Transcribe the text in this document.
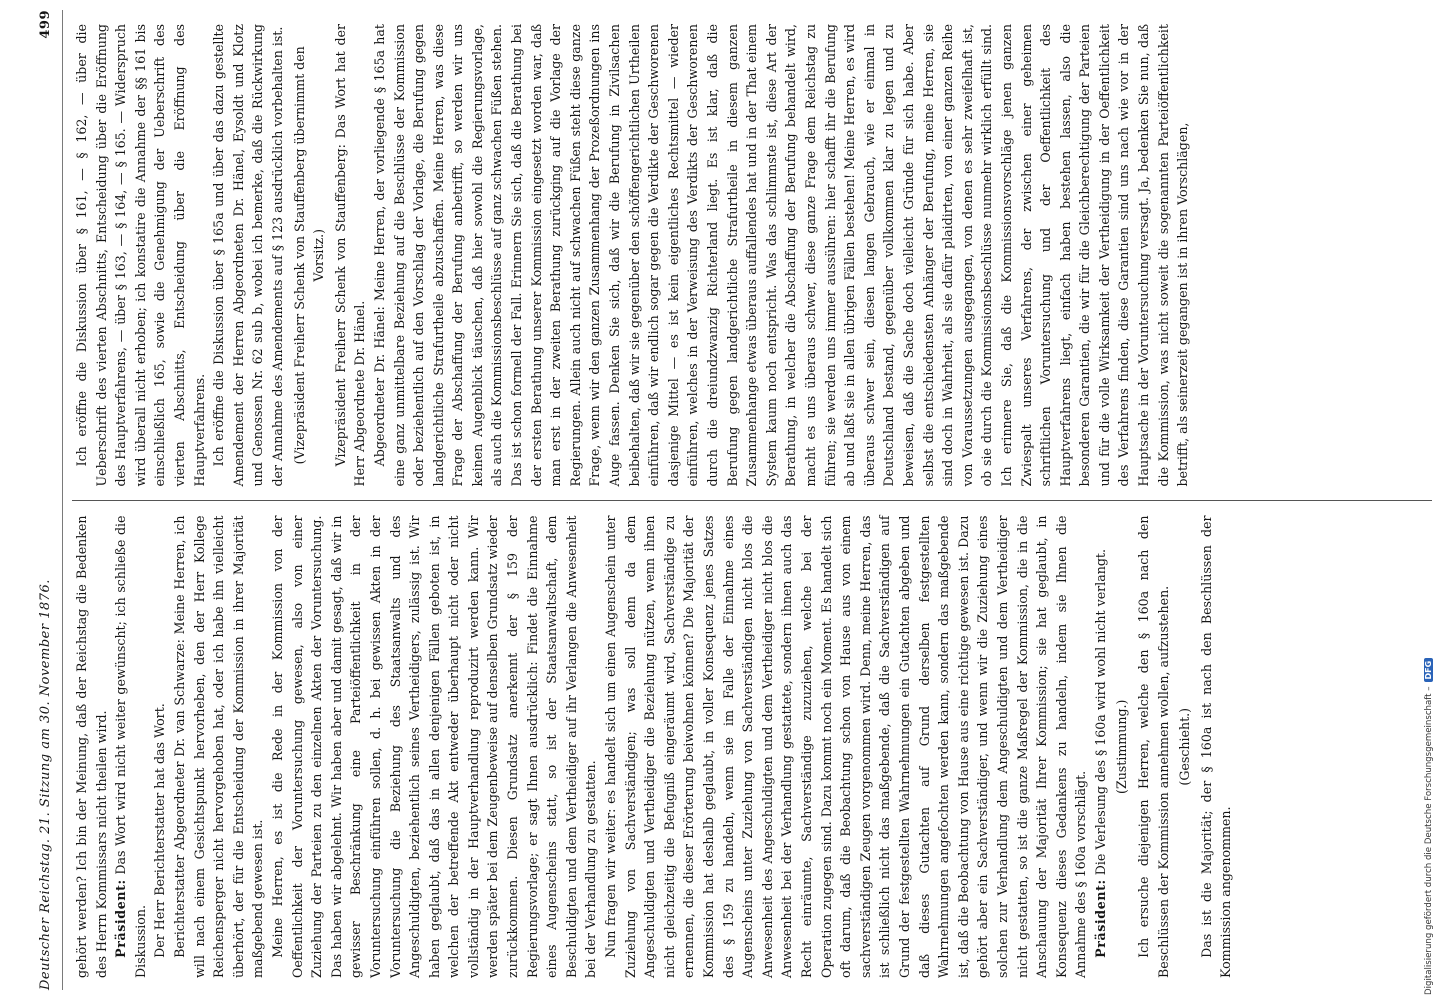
Deutscher Reichstag. 21. Sitzung am 30. November 1876.
499

gehört werden? Ich bin der Meinung, daß der Reichstag die Bedenken des Herrn Kommissars nicht theilen wird. Präsident: Das Wort wird nicht weiter gewünscht; ich schließe die Diskussion. Der Herr Berichterstatter hat das Wort. Berichterstatter Abgeordneter Dr. van Schwarze: Meine Herren, ich will nach einem Gesichtspunkt hervorheben, den der Herr Kollege Reichensperger nicht hervorgehoben hat, oder ich habe ihn vielleicht überhört, der für die Entscheidung der Kommission in ihrer Majorität maßgebend gewesen ist. Meine Herren, es ist die Rede in der Kommission von der Oeffentlichkeit der Voruntersuchung gewesen, also von einer Zuziehung der Parteien zu den einzelnen Akten der Voruntersuchung. Das haben wir abgelehnt. Wir haben aber und damit gesagt, daß wir in gewisser Beschränkung eine Parteiöffentlichkeit in der Voruntersuchung einführen sollen, d. h. bei gewissen Akten in der Voruntersuchung die Beziehung des Staatsanwalts und des Angeschuldigten, beziehentlich seines Vertheidigers, zulässig ist. Wir haben geglaubt, daß das in allen denjenigen Fällen geboten ist, in welchen der betreffende Akt entweder überhaupt nicht oder nicht vollständig in der Hauptverhandlung reproduzirt werden kann. Wir werden später bei dem Zeugenbeweise auf denselben Grundsatz wieder zurückkommen. Diesen Grundsatz anerkennt der § 159 der Regierungsvorlage; er sagt Ihnen ausdrücklich: Findet die Einnahme eines Augenscheins statt, so ist der Staatsanwaltschaft, dem Beschuldigten und dem Vertheidiger auf ihr Verlangen die Anwesenheit bei der Verhandlung zu gestatten. Nun fragen wir weiter: es handelt sich um einen Augenschein unter Zuziehung von Sachverständigen; was soll denn da dem Angeschuldigten und Vertheidiger die Beziehung nützen, wenn ihnen nicht gleichzeitig die Befugniß eingeräumt wird, Sachverständige zu ernennen, die dieser Erörterung beiwohnen können? Die Majorität der Kommission hat deshalb geglaubt, in voller Konsequenz jenes Satzes des § 159 zu handeln, wenn sie im Falle der Einnahme eines Augenscheins unter Zuziehung von Sachverständigen nicht blos die Anwesenheit des Angeschuldigten und dem Vertheidiger nicht blos die Anwesenheit bei der Verhandlung gestattete, sondern ihnen auch das Recht einräumte, Sachverständige zuzuziehen, welche bei der Operation zugegen sind. Dazu kommt noch ein Moment. Es handelt sich oft darum, daß die Beobachtung schon von Hause aus von einem sachverständigen Zeugen vorgenommen wird. Denn, meine Herren, das ist schließlich nicht das maßgebende, daß die Sachverständigen auf Grund der festgestellten Wahrnehmungen ein Gutachten abgeben und daß dieses Gutachten auf Grund derselben festgestellten Wahrnehmungen angefochten werden kann, sondern das maßgebende ist, daß die Beobachtung von Hause aus eine richtige gewesen ist. Dazu gehört aber ein Sachverständiger, und wenn wir die Zuziehung eines solchen zur Verhandlung dem Angeschuldigten und dem Vertheidiger nicht gestatten, so ist die ganze Maßregel der Kommission, die in die Anschauung der Majorität Ihrer Kommission; sie hat geglaubt, in Konsequenz dieses Gedankens zu handeln, indem sie Ihnen die Annahme des § 160a vorschlägt. Präsident: Die Verlesung des § 160a wird wohl nicht verlangt. (Zustimmung.) Ich ersuche diejenigen Herren, welche den § 160a nach den Beschlüssen der Kommission annehmen wollen, aufzustehen. (Geschieht.) Das ist die Majorität; der § 160a ist nach den Beschlüssen der Kommission angenommen.

Ich eröffne die Diskussion über § 161, — § 162, — über die Ueberschrift des vierten Abschnitts, Entscheidung über die Eröffnung des Hauptverfahrens, — über § 163, — § 164, — § 165. — Widerspruch wird überall nicht erhoben; ich konstatire die Annahme der §§ 161 bis einschließlich 165, sowie die Genehmigung der Ueberschrift des vierten Abschnitts, Entscheidung über die Eröffnung des Hauptverfahrens. Ich eröffne die Diskussion über § 165a und über das dazu gestellte Amendement der Herren Abgeordneten Dr. Hänel, Eysoldt und Klotz und Genossen Nr. 62 sub b, wobei ich bemerke, daß die Rückwirkung der Annahme des Amendements auf § 123 ausdrücklich vorbehalten ist. (Vizepräsident Freiherr Schenk von Stauffenberg übernimmt den Vorsitz.) Vizepräsident Freiherr Schenk von Stauffenberg: Das Wort hat der Herr Abgeordnete Dr. Hänel. Abgeordneter Dr. Hänel: Meine Herren, der vorliegende § 165a hat eine ganz unmittelbare Beziehung auf die Beschlüsse der Kommission oder beziehentlich auf den Vorschlag der Vorlage, die Berufung gegen landgerichtliche Strafurtheile abzuschaffen. Meine Herren, was diese Frage der Abschaffung der Berufung anbetrifft, so werden wir uns keinen Augenblick täuschen, daß hier sowohl die Regierungsvorlage, als auch die Kommissionsbeschlüsse auf ganz schwachen Füßen stehen. Das ist schon formell der Fall. Erinnern Sie sich, daß die Berathung bei der ersten Berathung unserer Kommission eingesetzt worden war, daß man erst in der zweiten Berathung zurückging auf die Vorlage der Regierungen. Allein auch nicht auf schwachen Füßen steht diese ganze Frage, wenn wir den ganzen Zusammenhang der Prozeßordnungen ins Auge fassen. Denken Sie sich, daß wir die Berufung in Zivilsachen beibehalten, daß wir sie gegenüber den schöffengerichtlichen Urtheilen einführen, daß wir endlich sogar gegen die Verdikte der Geschworenen dasjenige Mittel — es ist kein eigentliches Rechtsmittel — wieder einführen, welches in der Verweisung des Verdikts der Geschworenen durch die dreiundzwanzig Richterland liegt. Es ist klar, daß die Berufung gegen landgerichtliche Strafurtheile in diesem ganzen Zusammenhange etwas überaus auffallendes hat und in der That einem System kaum noch entspricht. Was das schlimmste ist, diese Art der Berathung, in welcher die Abschaffung der Berufung behandelt wird, macht es uns überaus schwer, diese ganze Frage dem Reichstag zu führen; sie werden uns immer aussühren: hier schafft ihr die Berufung ab und laßt sie in allen übrigen Fällen bestehen! Meine Herren, es wird überaus schwer sein, diesen langen Gebrauch, wie er einmal in Deutschland bestand, gegenüber vollkommen klar zu legen und zu beweisen, daß die Sache doch vielleicht Gründe für sich habe. Aber selbst die entschiedensten Anhänger der Berufung, meine Herren, sie sind doch in Wahrheit, als sie dafür plaidirten, von einer ganzen Reihe von Voraussetzungen ausgegangen, von denen es sehr zweifelhaft ist, ob sie durch die Kommissionsbeschlüsse nunmehr wirklich erfüllt sind. Ich erinnere Sie, daß die Kommissionsvorschläge jenen ganzen Zwiespalt unseres Verfahrens, der zwischen einer geheimen schriftlichen Voruntersuchung und der Oeffentlichkeit des Hauptverfahrens liegt, einfach haben bestehen lassen, also die besonderen Garantien, die wir für die Gleichberechtigung der Parteien und für die volle Wirksamkeit der Vertheidigung in der Oeffentlichkeit des Verfahrens finden, diese Garantien sind uns nach wie vor in der Hauptsache in der Voruntersuchung versagt. Ja, bedenken Sie nun, daß die Kommission, was nicht soweit die sogenannten Parteiöffentlichkeit betrifft, als seinerzeit gegangen ist in ihren Vorschlägen,

Digitalisierung gefördert durch die Deutsche Forschungsgemeinschaft –DFG
